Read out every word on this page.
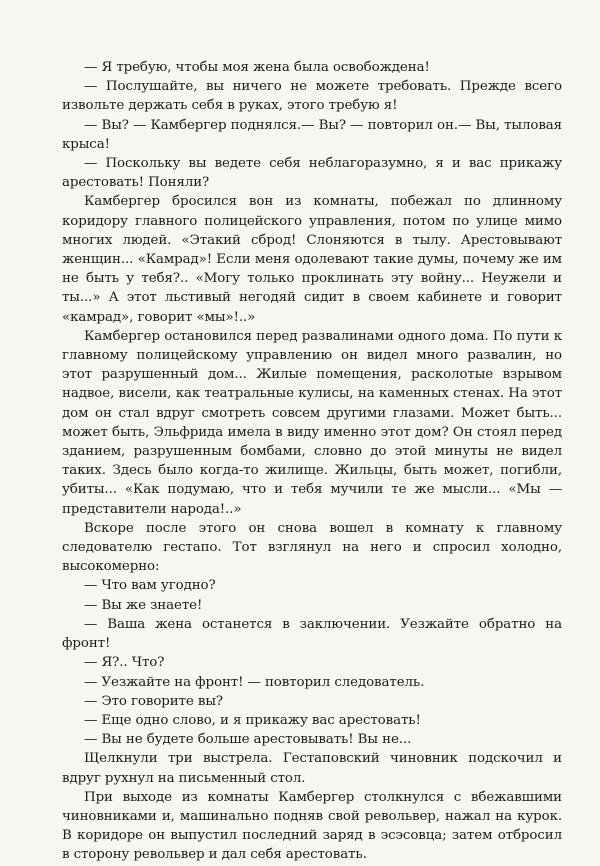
— Я требую, чтобы моя жена была освобождена!

— Послушайте, вы ничего не можете требовать. Прежде всего извольте держать себя в руках, этого требую я!

— Вы? — Камбергер поднялся.— Вы? — повторил он.— Вы, тыловая крыса!

— Поскольку вы ведете себя неблагоразумно, я и вас прикажу арестовать! Поняли?

Камбергер бросился вон из комнаты, побежал по длинному коридору главного полицейского управления, потом по улице мимо многих людей. «Этакий сброд! Слоняются в тылу. Арестовывают женщин... «Камрад»! Если меня одолевают такие думы, почему же им не быть у тебя?.. «Могу только проклинать эту войну... Неужели и ты...» А этот льстивый негодяй сидит в своем кабинете и говорит «камрад», говорит «мы»!..»

Камбергер остановился перед развалинами одного дома. По пути к главному полицейскому управлению он видел много развалин, но этот разрушенный дом... Жилые помещения, расколотые взрывом надвое, висели, как театральные кулисы, на каменных стенах. На этот дом он стал вдруг смотреть совсем другими глазами. Может быть... может быть, Эльфрида имела в виду именно этот дом? Он стоял перед зданием, разрушенным бомбами, словно до этой минуты не видел таких. Здесь было когда-то жилище. Жильцы, быть может, погибли, убиты... «Как подумаю, что и тебя мучили те же мысли... «Мы — представители народа!..»

Вскоре после этого он снова вошел в комнату к главному следователю гестапо. Тот взглянул на него и спросил холодно, высокомерно:

— Что вам угодно?

— Вы же знаете!

— Ваша жена останется в заключении. Уезжайте обратно на фронт!

— Я?.. Что?

— Уезжайте на фронт! — повторил следователь.

— Это говорите вы?

— Еще одно слово, и я прикажу вас арестовать!

— Вы не будете больше арестовывать! Вы не...

Щелкнули три выстрела. Гестаповский чиновник подскочил и вдруг рухнул на письменный стол.

При выходе из комнаты Камбергер столкнулся с вбежавшими чиновниками и, машинально подняв свой револьвер, нажал на курок. В коридоре он выпустил последний заряд в эсэсовца; затем отбросил в сторону револьвер и дал себя арестовать.
